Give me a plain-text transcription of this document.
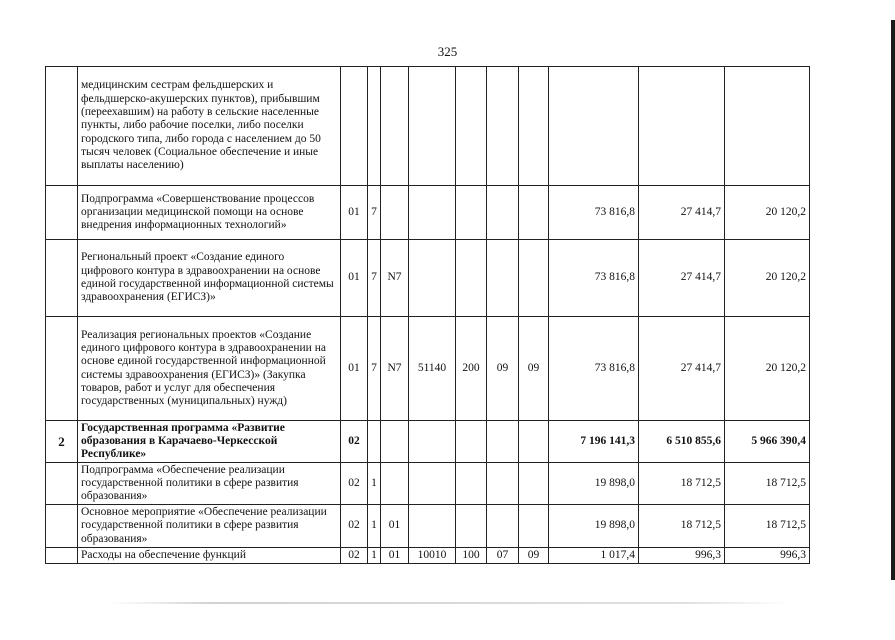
325
	медицинским сестрам фельдшерских и фельдшерско-акушерских пунктов), прибывшим (переехавшим) на работу в сельские населенные пункты, либо рабочие поселки, либо поселки городского типа, либо города с населением до 50 тысяч человек (Социальное обеспечение и иные выплаты населению)										
	Подпрограмма «Совершенствование процессов организации медицинской помощи на основе внедрения информационных технологий»	01	7						73 816,8	27 414,7	20 120,2
	Региональный проект «Создание единого цифрового контура в здравоохранении на основе единой государственной информационной системы здравоохранения (ЕГИСЗ)»	01	7	N7					73 816,8	27 414,7	20 120,2
	Реализация региональных проектов «Создание единого цифрового контура в здравоохранении на основе единой государственной информационной системы здравоохранения (ЕГИСЗ)» (Закупка товаров, работ и услуг для обеспечения государственных (муниципальных) нужд)	01	7	N7	51140	200	09	09	73 816,8	27 414,7	20 120,2
2	Государственная программа «Развитие образования в Карачаево-Черкесской Республике»	02							7 196 141,3	6 510 855,6	5 966 390,4
	Подпрограмма «Обеспечение реализации государственной политики в сфере развития образования»	02	1						19 898,0	18 712,5	18 712,5
	Основное мероприятие «Обеспечение реализации государственной политики в сфере развития образования»	02	1	01					19 898,0	18 712,5	18 712,5
	Расходы на обеспечение функций	02	1	01	10010	100	07	09	1 017,4	996,3	996,3
